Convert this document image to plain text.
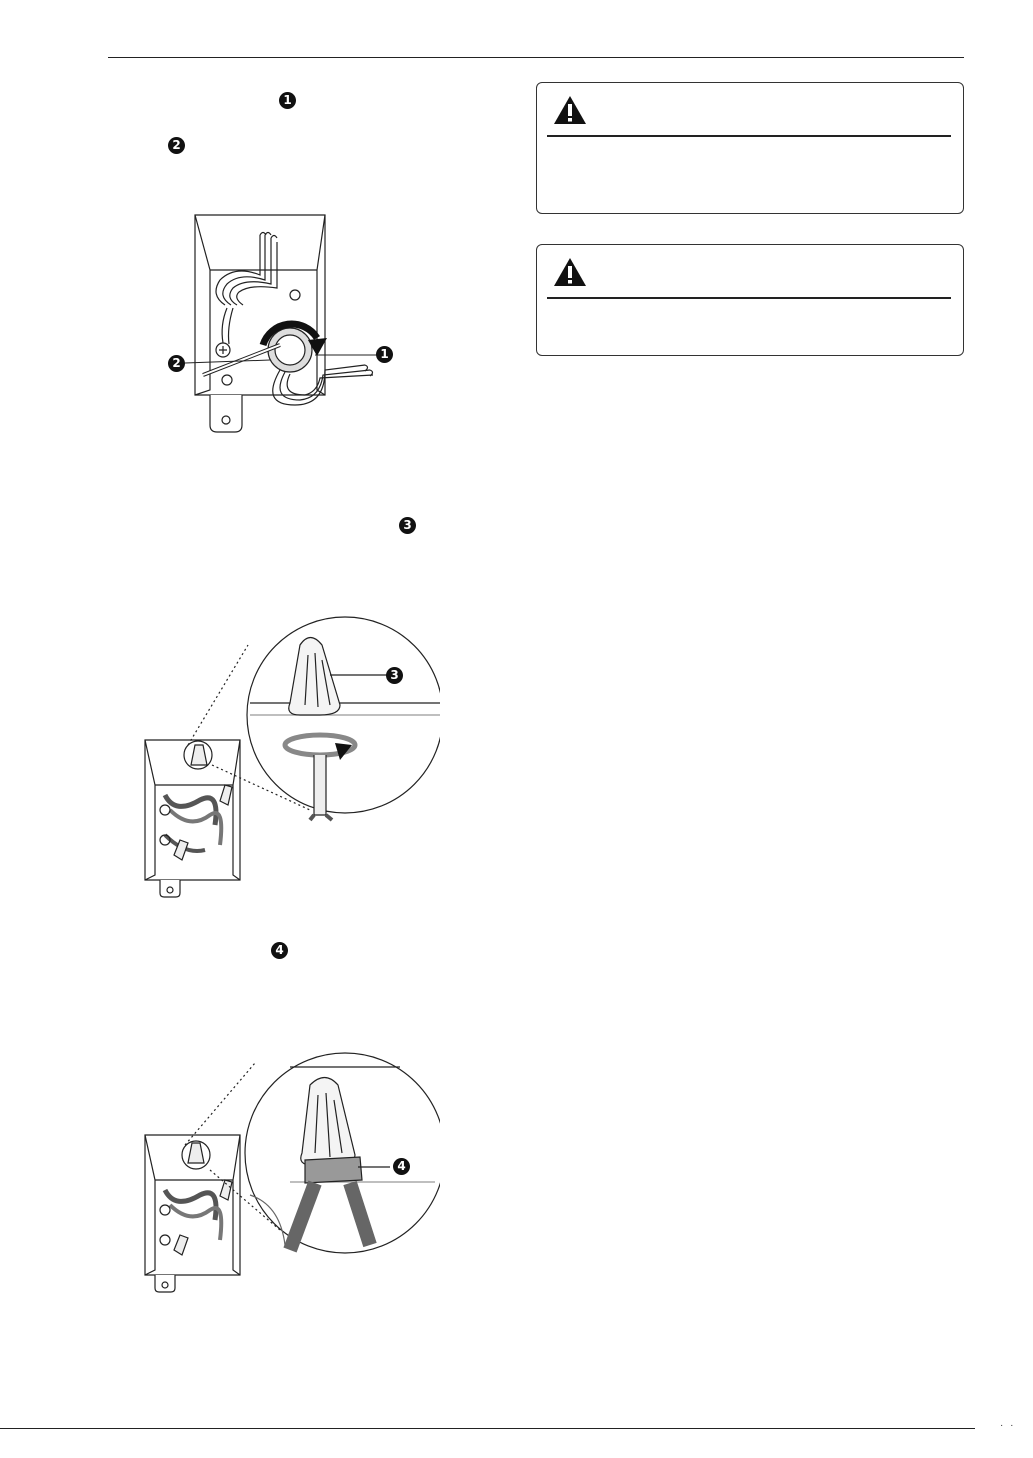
1
2
2
1
3
3
4
4
· ·
